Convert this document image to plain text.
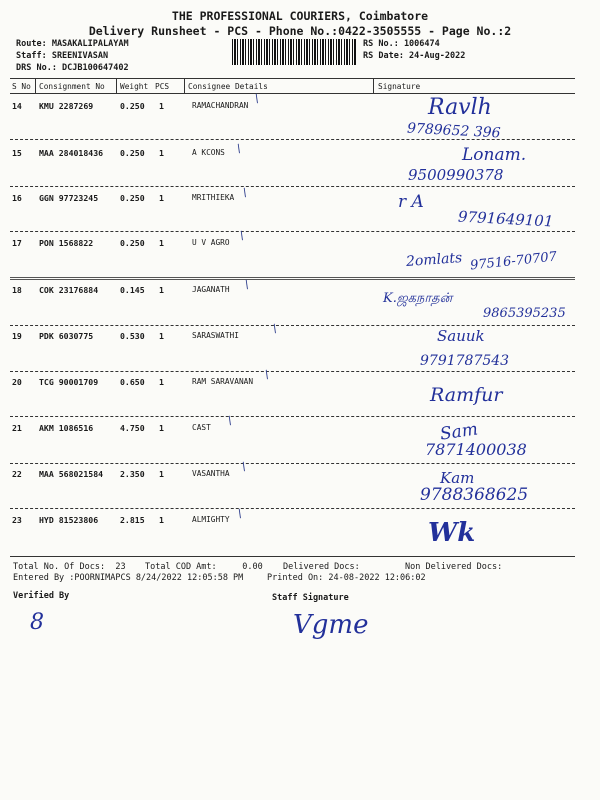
THE PROFESSIONAL COURIERS, Coimbatore
Delivery Runsheet - PCS - Phone No.:0422-3505555 - Page No.:2
Route: MASAKALIPALAYAM
Staff: SREENIVASAN
DRS No.: DCJB100647402
RS No.: 1006474
RS Date: 24-Aug-2022
S No Consignment No Weight PCS Consignee Details	Signature
14 KMU 2287269	0.250 1	RAMACHANDRAN
/	Ravlh
9789652 396
15 MAA 284018436 0.250 1	A KCONS /	Lonam.
9500990378
16 GGN 97723245	0.250 1	MRITHIEKA /	r A
9791649101
17 PON 1568822	0.250 1	U V AGRO
/
2omlats 97516-70707
18 COK 23176884	0.145 1	JAGANATH /
K.ஜகநாதன்
9865395235
19 PDK 6030775	0.530 1	SARASWATHI
/	Sauuk
9791787543
20 TCG 90001709	0.650 1	RAM SARAVANAN
/
Ramfur
21 AKM 1086516	4.750 1	CAST
/	Sam
7871400038
22 MAA 568021584 2.350 1	VASANTHA
/
Kam
9788368625
23 HYD 81523806	2.815 1	ALMIGHTY /
Wk
Total No. Of Docs:  23 Total COD Amt:     0.00 Delivered Docs:	Non Delivered Docs:
Entered By :POORNIMAPCS 8/24/2022 12:05:58 PM	Printed On: 24-08-2022 12:06:02
Verified By	Staff Signature
8	Vgme
